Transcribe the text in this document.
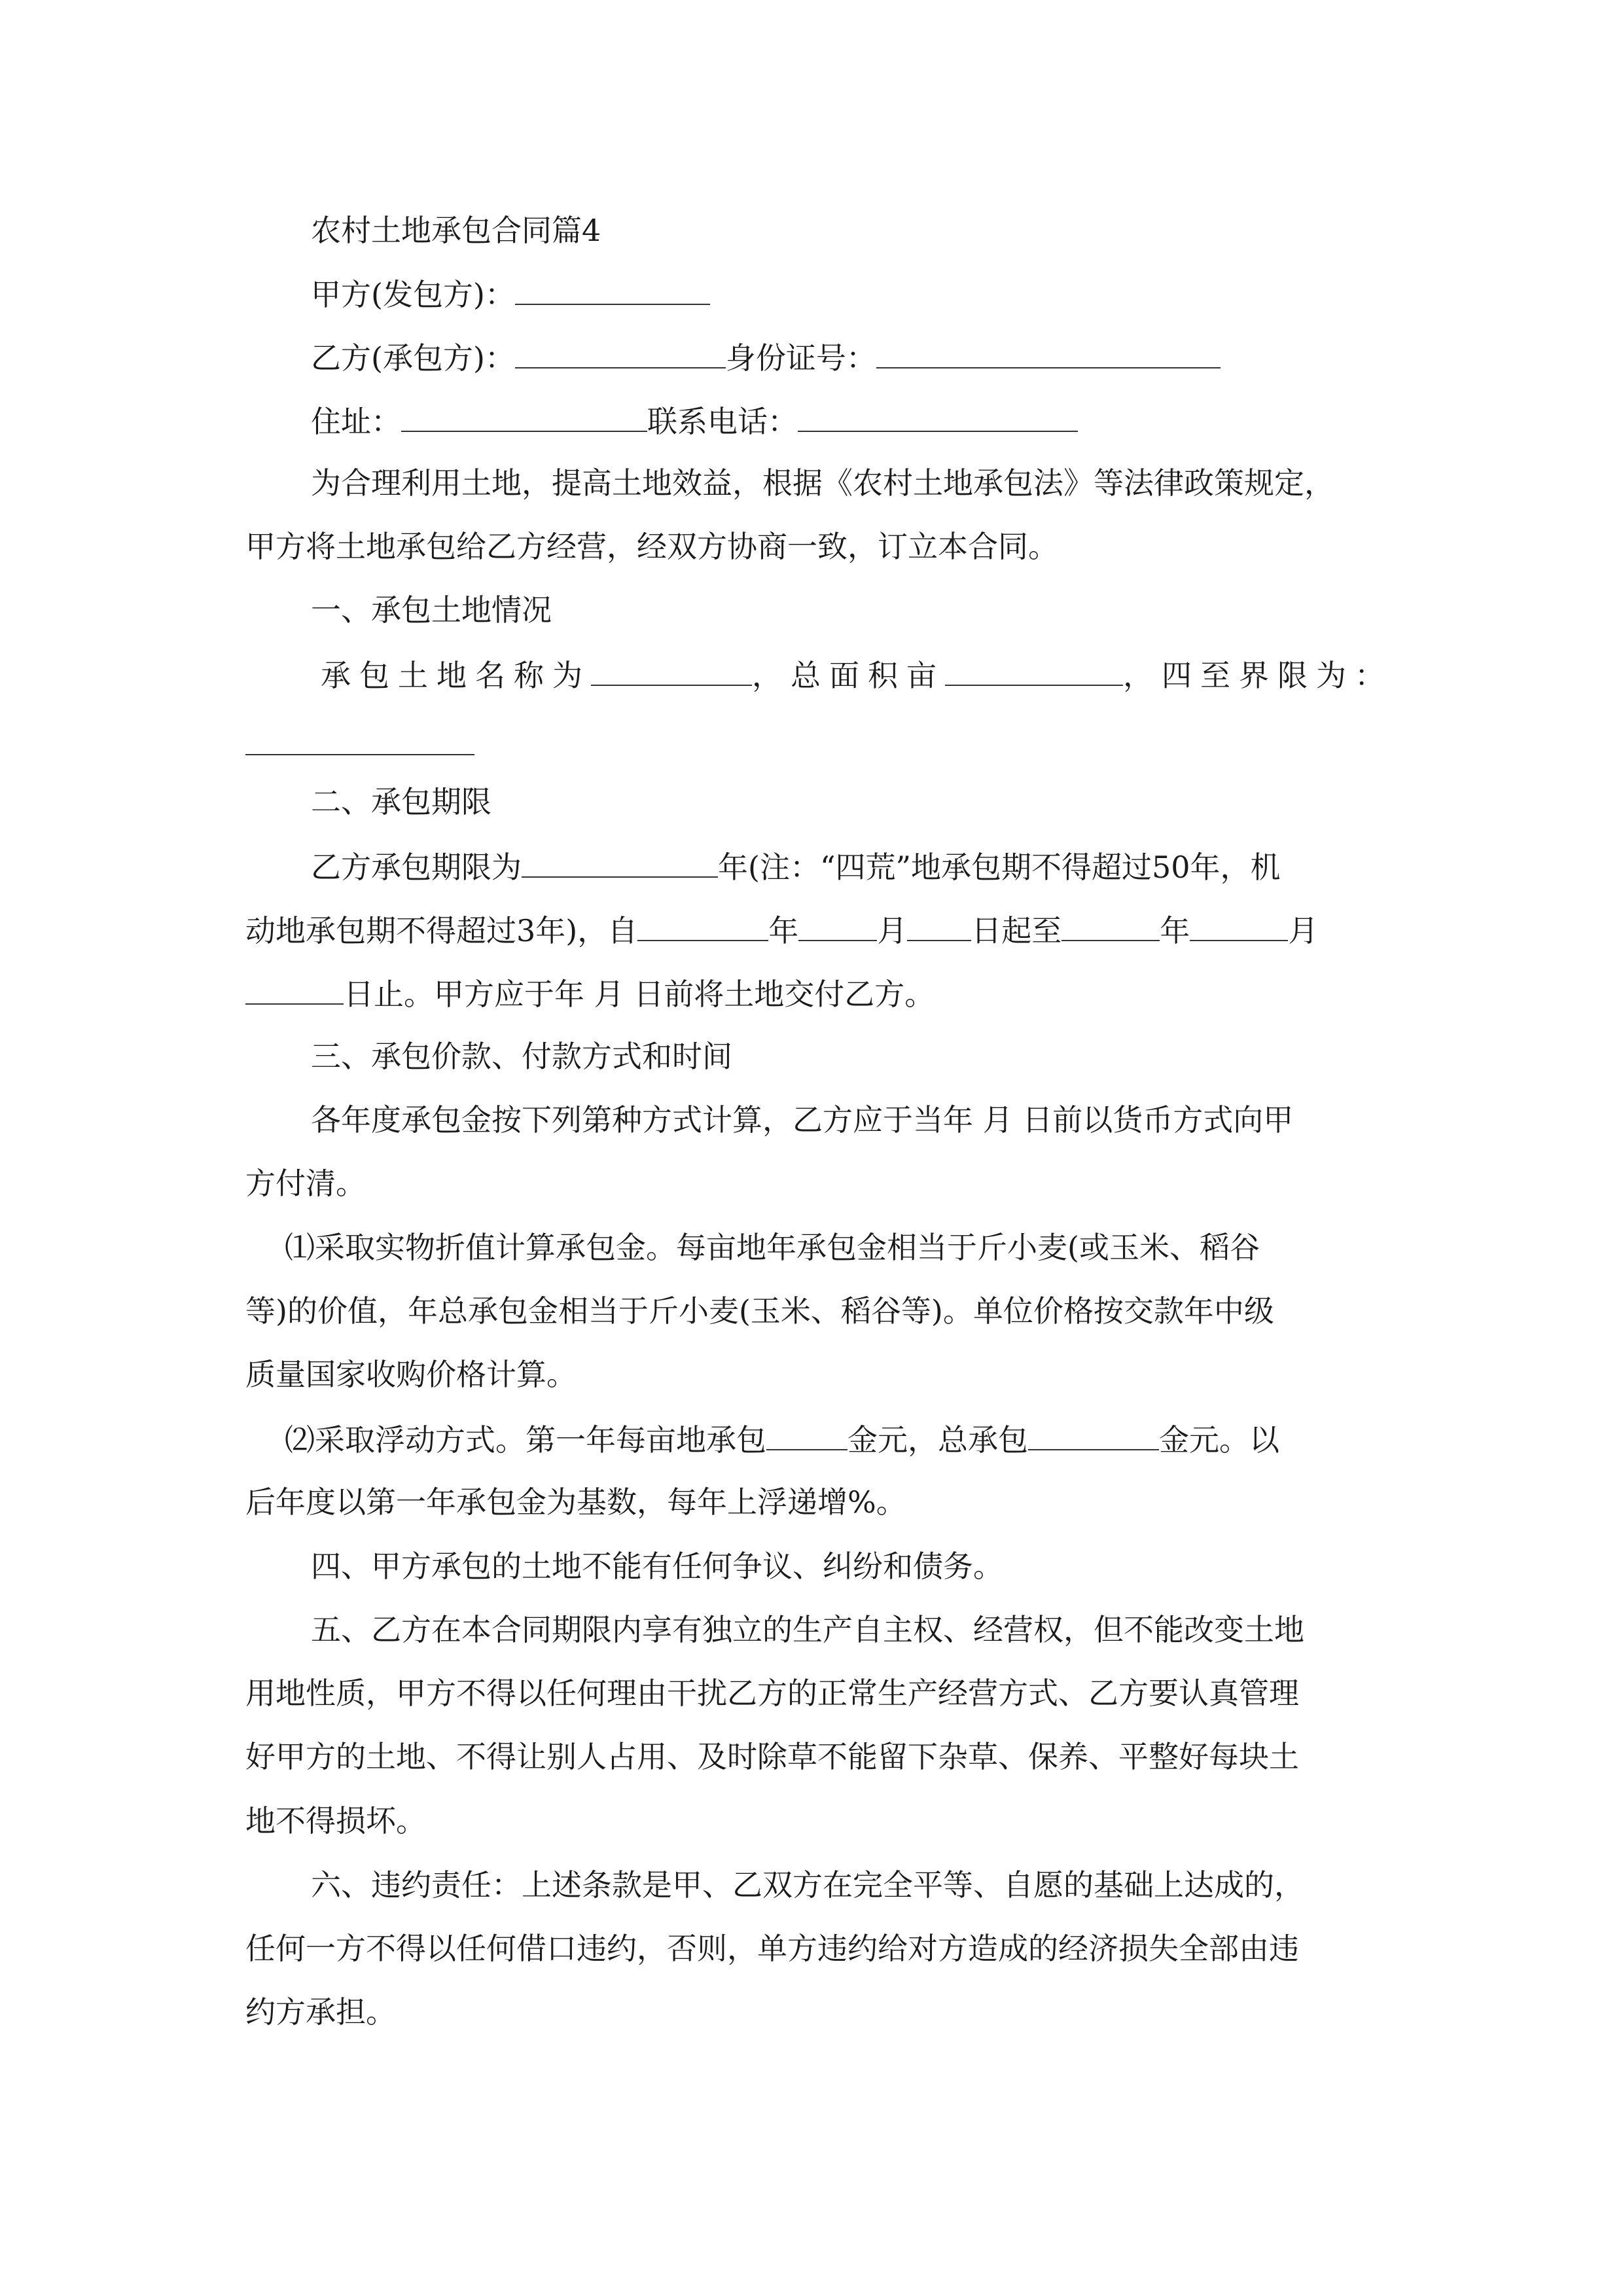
农村土地承包合同篇4
甲方(发包方)：
乙方(承包方)：	身份证号：
住址：	联系电话：
为合理利用土地，提高土地效益，根据《农村土地承包法》等法律政策规定，
甲方将土地承包给乙方经营，经双方协商一致，订立本合同。
一、承包土地情况
承包土地名称为	，总面积亩	，四至界限为：
二、承包期限
乙方承包期限为	年(注：“四荒”地承包期不得超过50年，机
动地承包期不得超过3年)，自	年	月 日起至	年	月
日止。甲方应于年 月 日前将土地交付乙方。
三、承包价款、付款方式和时间
各年度承包金按下列第种方式计算，乙方应于当年 月 日前以货币方式向甲
方付清。
⑴采取实物折值计算承包金。每亩地年承包金相当于斤小麦(或玉米、稻谷
等)的价值，年总承包金相当于斤小麦(玉米、稻谷等)。单位价格按交款年中级
质量国家收购价格计算。
⑵采取浮动方式。第一年每亩地承包	金元，总承包	金元。以
后年度以第一年承包金为基数，每年上浮递增%。
四、甲方承包的土地不能有任何争议、纠纷和债务。
五、乙方在本合同期限内享有独立的生产自主权、经营权，但不能改变土地
用地性质，甲方不得以任何理由干扰乙方的正常生产经营方式、乙方要认真管理
好甲方的土地、不得让别人占用、及时除草不能留下杂草、保养、平整好每块土
地不得损坏。
六、违约责任：上述条款是甲、乙双方在完全平等、自愿的基础上达成的，
任何一方不得以任何借口违约，否则，单方违约给对方造成的经济损失全部由违
约方承担。
